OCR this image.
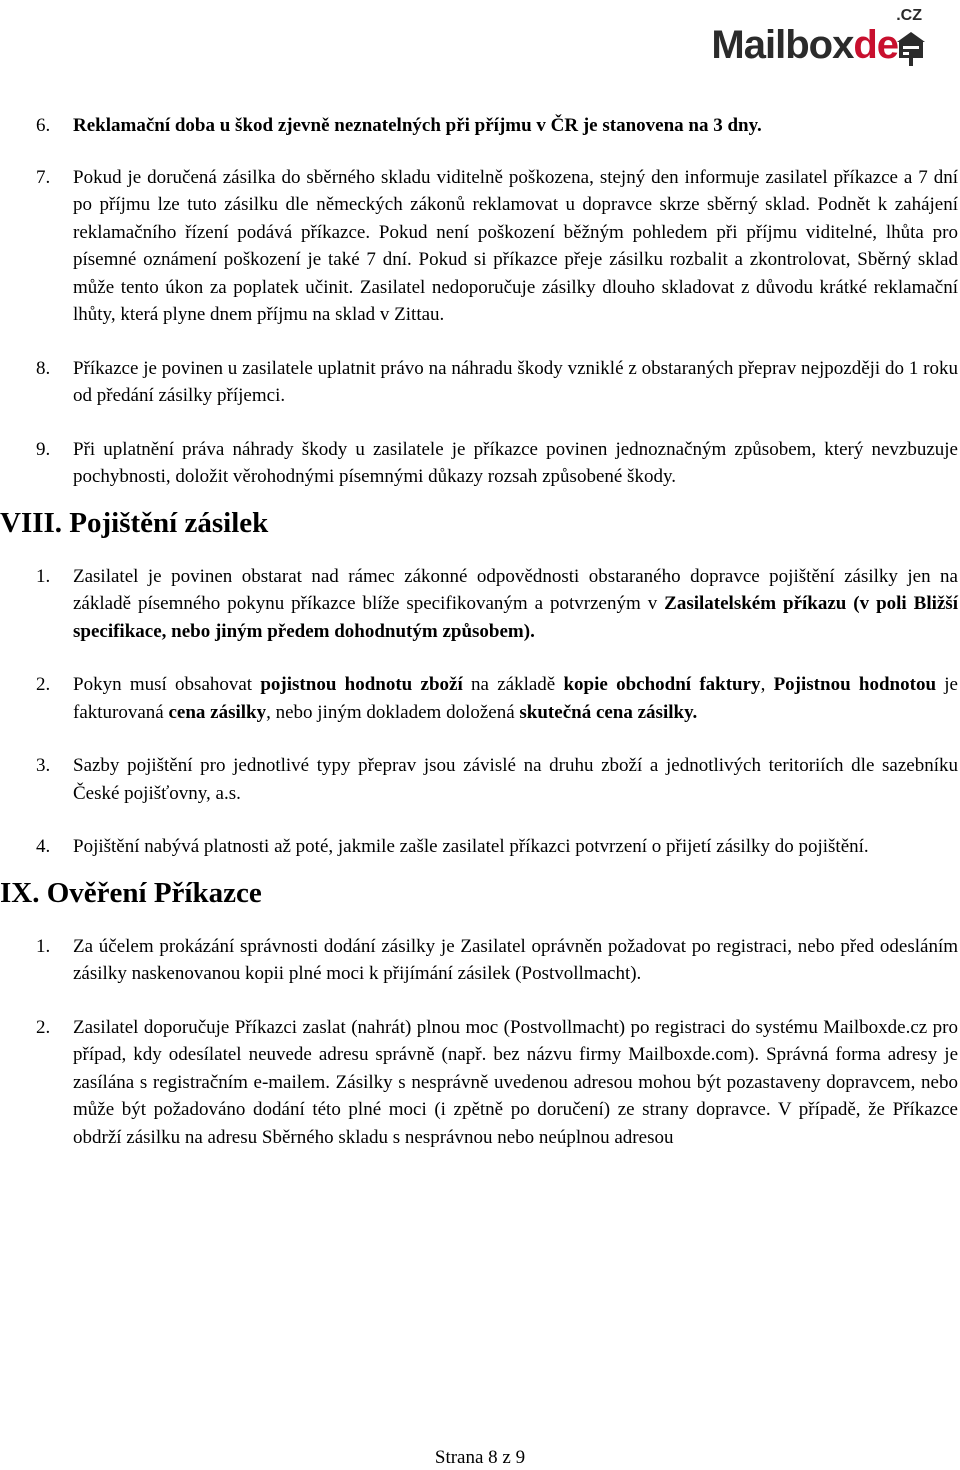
.CZ
Mailboxde
6.	Reklamační doba u škod zjevně neznatelných při příjmu v ČR je stanovena na 3 dny.
7.	Pokud je doručená zásilka do sběrného skladu viditelně poškozena, stejný den informuje zasilatel příkazce a 7 dní po příjmu lze tuto zásilku dle německých zákonů reklamovat u dopravce skrze sběrný sklad. Podnět k zahájení reklamačního řízení podává příkazce. Pokud není poškození běžným pohledem při příjmu viditelné, lhůta pro písemné oznámení poškození je také 7 dní. Pokud si příkazce přeje zásilku rozbalit a zkontrolovat, Sběrný sklad může tento úkon za poplatek učinit. Zasilatel nedoporučuje zásilky dlouho skladovat z důvodu krátké reklamační lhůty, která plyne dnem příjmu na sklad v Zittau.
8.	Příkazce je povinen u zasilatele uplatnit právo na náhradu škody vzniklé z obstaraných přeprav nejpozději do 1 roku od předání zásilky příjemci.
9.	Při uplatnění práva náhrady škody u zasilatele je příkazce povinen jednoznačným způsobem, který nevzbuzuje pochybnosti, doložit věrohodnými písemnými důkazy rozsah způsobené škody.
VIII. Pojištění zásilek
1.	Zasilatel je povinen obstarat nad rámec zákonné odpovědnosti obstaraného dopravce pojištění zásilky jen na základě písemného pokynu příkazce blíže specifikovaným a potvrzeným v Zasilatelském příkazu (v poli Bližší specifikace, nebo jiným předem dohodnutým způsobem).
2.	Pokyn musí obsahovat pojistnou hodnotu zboží na základě kopie obchodní faktury, Pojistnou hodnotou je fakturovaná cena zásilky, nebo jiným dokladem doložená skutečná cena zásilky.
3.	Sazby pojištění pro jednotlivé typy přeprav jsou závislé na druhu zboží a jednotlivých teritoriích dle sazebníku České pojišťovny, a.s.
4.	Pojištění nabývá platnosti až poté, jakmile zašle zasilatel příkazci potvrzení o přijetí zásilky do pojištění.
IX. Ověření Příkazce
1.	Za účelem prokázání správnosti dodání zásilky je Zasilatel oprávněn požadovat po registraci, nebo před odesláním zásilky naskenovanou kopii plné moci k přijímání zásilek (Postvollmacht).
2.	Zasilatel doporučuje Příkazci zaslat (nahrát) plnou moc (Postvollmacht) po registraci do systému Mailboxde.cz pro případ, kdy odesílatel neuvede adresu správně (např. bez názvu firmy Mailboxde.com). Správná forma adresy je zasílána s registračním e-mailem. Zásilky s nesprávně uvedenou adresou mohou být pozastaveny dopravcem, nebo může být požadováno dodání této plné moci (i zpětně po doručení) ze strany dopravce. V případě, že Příkazce obdrží zásilku na adresu Sběrného skladu s nesprávnou nebo neúplnou adresou
Strana 8 z 9
